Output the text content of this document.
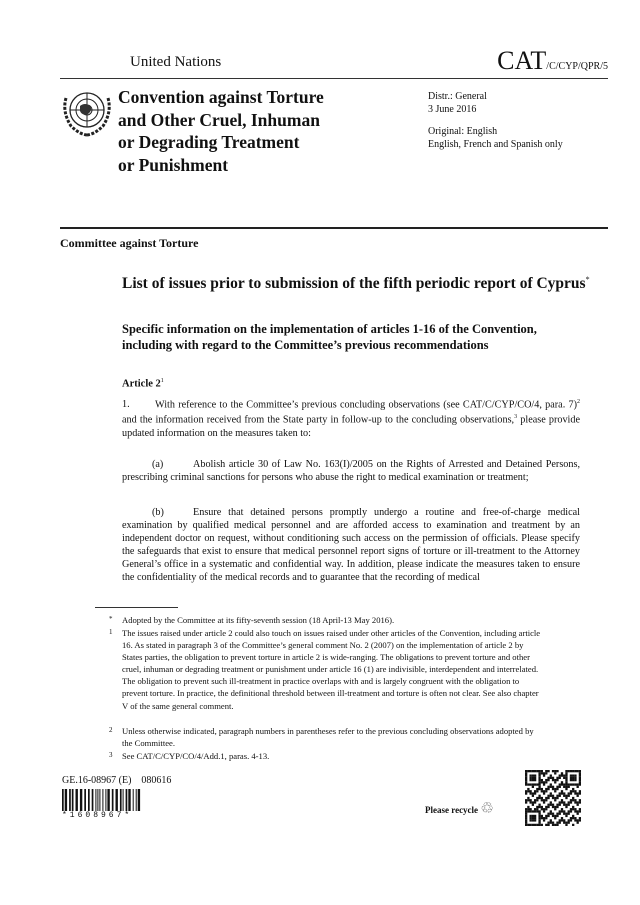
United Nations	CAT/C/CYP/QPR/5
Convention against Torture
and Other Cruel, Inhuman
or Degrading Treatment
or Punishment
Distr.: General
3 June 2016
Original: English
English, French and Spanish only
Committee against Torture
List of issues prior to submission of the fifth periodic report of Cyprus*
Specific information on the implementation of articles 1-16 of the Convention, including with regard to the Committee’s previous recommendations
Article $2^1$
1. With reference to the Committee’s previous concluding observations (see CAT/C/CYP/CO/4, para. 7)$^2$ and the information received from the State party in follow-up to the concluding observations,$^3$ please provide updated information on the measures taken to:
(a)	Abolish article 30 of Law No. 163(I)/2005 on the Rights of Arrested and Detained Persons, prescribing criminal sanctions for persons who abuse the right to medical examination or treatment;
(b)	Ensure that detained persons promptly undergo a routine and free-of-charge medical examination by qualified medical personnel and are afforded access to examination and treatment by an independent doctor on request, without conditioning such access on the permission of officials. Please specify the safeguards that exist to ensure that medical personnel report signs of torture or ill-treatment to the Attorney General’s office in a systematic and confidential way. In addition, please indicate the measures taken to ensure the confidentiality of the medical records and to guarantee that the recording of medical
* Adopted by the Committee at its fifty-seventh session (18 April-13 May 2016).
1 The issues raised under article 2 could also touch on issues raised under other articles of the Convention, including article 16. As stated in paragraph 3 of the Committee’s general comment No. 2 (2007) on the implementation of article 2 by States parties, the obligation to prevent torture in article 2 is wide-ranging. The obligations to prevent torture and other cruel, inhuman or degrading treatment or punishment under article 16 (1) are indivisible, interdependent and interrelated. The obligation to prevent such ill-treatment in practice overlaps with and is largely congruent with the obligation to prevent torture. In practice, the definitional threshold between ill-treatment and torture is often not clear. See also chapter V of the same general comment.
2 Unless otherwise indicated, paragraph numbers in parentheses refer to the previous concluding observations adopted by the Committee.
3 See CAT/C/CYP/CO/4/Add.1, paras. 4-13.
GE.16-08967 (E)    080616
*1608967*
Please recycle ♲
